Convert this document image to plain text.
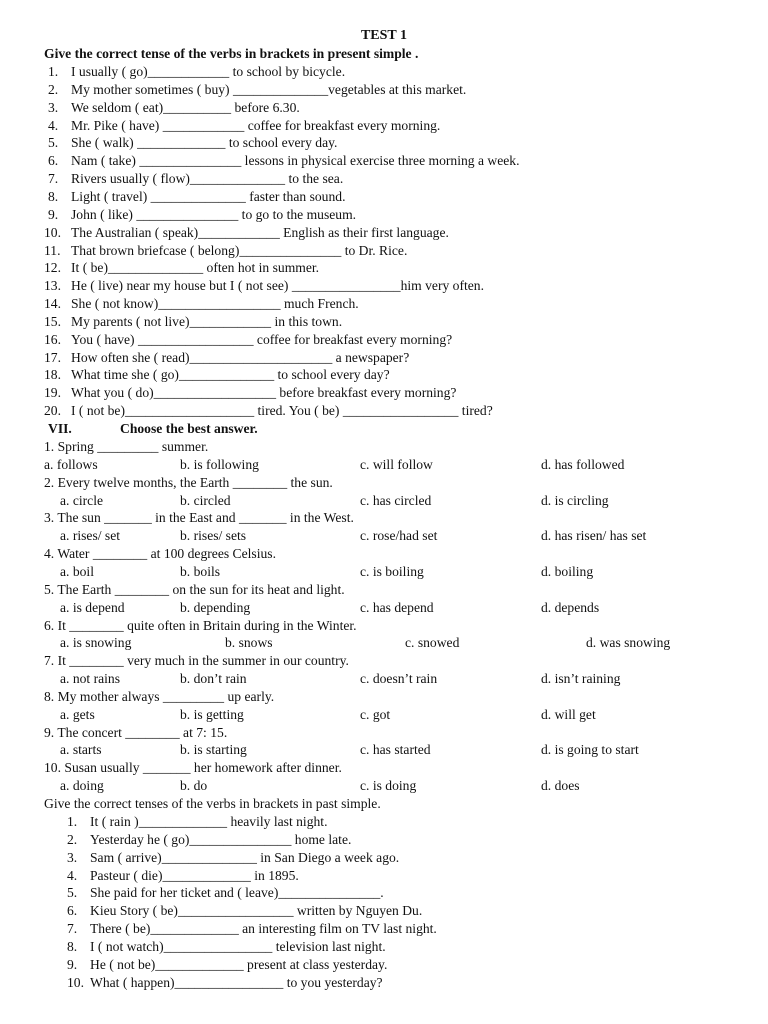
TEST 1
Give the correct tense of the verbs in brackets in present simple .
1. I usually ( go)____________ to school by bicycle.
2. My mother sometimes ( buy) ______________vegetables at this market.
3. We seldom ( eat)__________ before 6.30.
4. Mr. Pike ( have) ____________ coffee for breakfast every morning.
5. She ( walk) _____________ to school every day.
6. Nam ( take) _______________ lessons in physical exercise three morning a week.
7. Rivers usually ( flow)______________ to the sea.
8. Light ( travel) ______________ faster than sound.
9. John ( like) _______________ to go to the museum.
10. The Australian ( speak)____________ English as their first language.
11. That brown briefcase ( belong)_______________ to Dr. Rice.
12. It ( be)______________ often hot in summer.
13. He ( live) near my house but I ( not see) ________________him very often.
14. She ( not know)__________________ much French.
15. My parents ( not live)____________ in this town.
16. You ( have) _________________ coffee for breakfast every morning?
17. How often she ( read)_____________________ a newspaper?
18. What time she ( go)______________ to school every day?
19. What you ( do)__________________ before breakfast every morning?
20. I ( not be)___________________ tired. You ( be) _________________ tired?
VII.	Choose the best answer.
1. Spring _________ summer.
a. follows	b. is following	c. will follow	d. has followed
2. Every twelve months, the Earth ________ the sun.
a. circle	b. circled	c. has circled	d. is circling
3. The sun _______ in the East and _______ in the West.
a. rises/ set	b. rises/ sets	c. rose/had set	d. has risen/ has set
4. Water ________ at 100 degrees Celsius.
a. boil	b. boils	c. is boiling	d. boiling
5. The Earth ________ on the sun for its heat and light.
a. is depend	b. depending	c. has depend	d. depends
6. It ________ quite often in Britain during in the Winter.
a. is snowing	b. snows	c. snowed	d. was snowing
7. It ________ very much in the summer in our country.
a. not rains	b. don’t rain	c. doesn’t rain	d. isn’t raining
8. My mother always _________ up early.
a. gets	b. is getting	c. got	d. will get
9. The concert ________ at 7: 15.
a. starts	b. is starting	c. has started	d. is going to start
10. Susan usually _______ her homework after dinner.
a. doing	b. do	c. is doing	d. does
Give the correct tenses of the verbs in brackets in past simple.
1. It ( rain )_____________ heavily last night.
2. Yesterday he ( go)_______________ home late.
3. Sam ( arrive)______________ in San Diego a week ago.
4. Pasteur ( die)_____________ in 1895.
5. She paid for her ticket and ( leave)_______________.
6. Kieu Story ( be)_________________ written by Nguyen Du.
7. There ( be)_____________ an interesting film on TV last night.
8. I ( not watch)________________ television last night.
9. He ( not be)_____________ present at class yesterday.
10. What ( happen)________________ to you yesterday?
